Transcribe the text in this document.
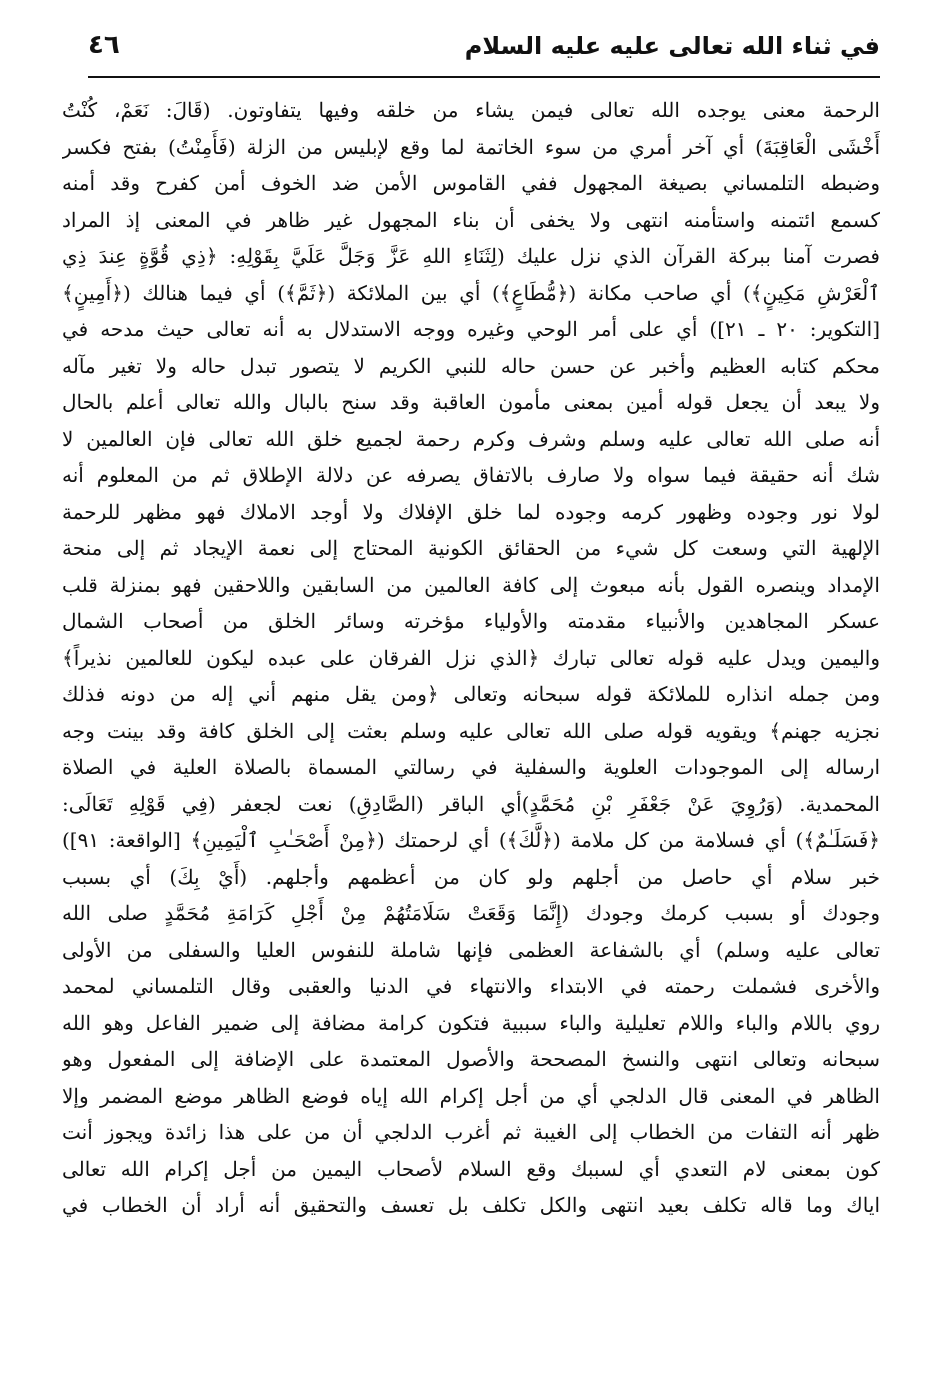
في ثناء الله تعالى عليه عليه السلام
٤٦
الرحمة معنى يوجده الله تعالى فيمن يشاء من خلقه وفيها يتفاوتون. (قَالَ: نَعَمْ، كُنْتُ
أَخْشَى الْعَاقِبَةَ) أي آخر أمري من سوء الخاتمة لما وقع لإبليس من الزلة (فَأَمِنْتُ) بفتح فكسر
وضبطه التلمساني بصيغة المجهول ففي القاموس الأمن ضد الخوف أمن كفرح وقد أمنه
كسمع ائتمنه واستأمنه انتهى ولا يخفى أن بناء المجهول غير ظاهر في المعنى إذ المراد
فصرت آمنا ببركة القرآن الذي نزل عليك (لِثَنَاءِ اللهِ عَزَّ وَجَلَّ عَلَيَّ بِقَوْلِهِ: ﴿ذِي قُوَّةٍ عِندَ ذِي
ٱلْعَرْشِ مَكِينٍ﴾) أي صاحب مكانة (﴿مُّطَاعٍ﴾) أي بين الملائكة (﴿ثَمَّ﴾) أي فيما هنالك (﴿أَمِينٍ﴾
[التكوير: ٢٠ ـ ٢١]) أي على أمر الوحي وغيره ووجه الاستدلال به أنه تعالى حيث مدحه في
محكم كتابه العظيم وأخبر عن حسن حاله للنبي الكريم لا يتصور تبدل حاله ولا تغير مآله
ولا يبعد أن يجعل قوله أمين بمعنى مأمون العاقبة وقد سنح بالبال والله تعالى أعلم بالحال
أنه صلى الله تعالى عليه وسلم وشرف وكرم رحمة لجميع خلق الله تعالى فإن العالمين لا
شك أنه حقيقة فيما سواه ولا صارف بالاتفاق يصرفه عن دلالة الإطلاق ثم من المعلوم أنه
لولا نور وجوده وظهور كرمه وجوده لما خلق الإفلاك ولا أوجد الاملاك فهو مظهر للرحمة
الإلهية التي وسعت كل شيء من الحقائق الكونية المحتاج إلى نعمة الإيجاد ثم إلى منحة
الإمداد وينصره القول بأنه مبعوث إلى كافة العالمين من السابقين واللاحقين فهو بمنزلة قلب
عسكر المجاهدين والأنبياء مقدمته والأولياء مؤخرته وسائر الخلق من أصحاب الشمال
واليمين ويدل عليه قوله تعالى تبارك ﴿الذي نزل الفرقان على عبده ليكون للعالمين نذيراً﴾
ومن جمله انذاره للملائكة قوله سبحانه وتعالى ﴿ومن يقل منهم أني إله من دونه فذلك
نجزيه جهنم﴾ ويقويه قوله صلى الله تعالى عليه وسلم بعثت إلى الخلق كافة وقد بينت وجه
ارساله إلى الموجودات العلوية والسفلية في رسالتي المسماة بالصلاة العلية في الصلاة
المحمدية. (وَرُوِيَ عَنْ جَعْفَرِ بْنِ مُحَمَّدٍ)أي الباقر (الصَّادِقِ) نعت لجعفر (فِي قَوْلِهِ تَعَالَى:
﴿فَسَلَـٰمٌ﴾) أي فسلامة من كل ملامة (﴿لَّكَ﴾) أي لرحمتك (﴿مِنْ أَصْحَـٰبِ ٱلْيَمِينِ﴾ [الواقعة: ٩١])
خبر سلام أي حاصل من أجلهم ولو كان من أعظمهم وأجلهم. (أَيْ بِكَ) أي بسبب
وجودك أو بسبب كرمك وجودك (إِنَّمَا وَقَعَتْ سَلَامَتُهُمْ مِنْ أَجْلِ كَرَامَةِ مُحَمَّدٍ صلى الله
تعالى عليه وسلم) أي بالشفاعة العظمى فإنها شاملة للنفوس العليا والسفلى من الأولى
والأخرى فشملت رحمته في الابتداء والانتهاء في الدنيا والعقبى وقال التلمساني لمحمد
روي باللام والباء واللام تعليلية والباء سببية فتكون كرامة مضافة إلى ضمير الفاعل وهو الله
سبحانه وتعالى انتهى والنسخ المصححة والأصول المعتمدة على الإضافة إلى المفعول وهو
الظاهر في المعنى قال الدلجي أي من أجل إكرام الله إياه فوضع الظاهر موضع المضمر وإلا
ظهر أنه التفات من الخطاب إلى الغيبة ثم أغرب الدلجي أن من على هذا زائدة ويجوز أنت
كون بمعنى لام التعدي أي لسببك وقع السلام لأصحاب اليمين من أجل إكرام الله تعالى
اياك وما قاله تكلف بعيد انتهى والكل تكلف بل تعسف والتحقيق أنه أراد أن الخطاب في
